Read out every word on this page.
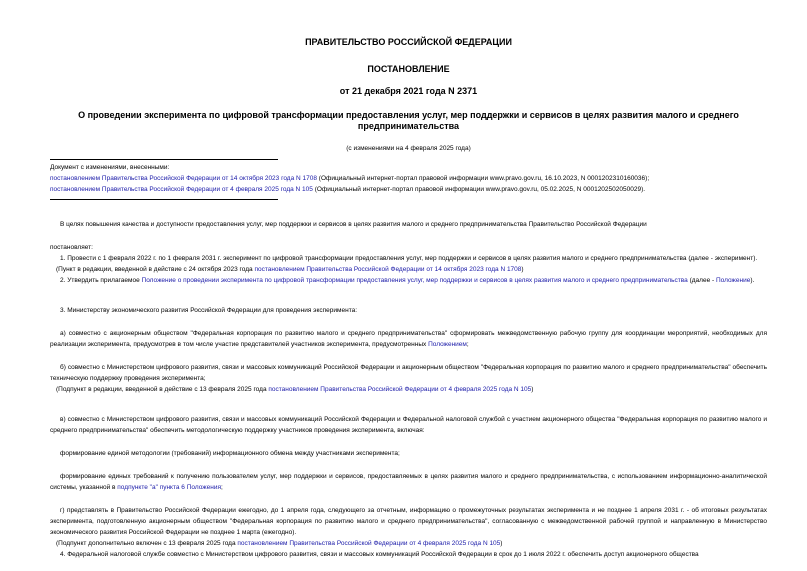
ПРАВИТЕЛЬСТВО РОССИЙСКОЙ ФЕДЕРАЦИИ
ПОСТАНОВЛЕНИЕ
от 21 декабря 2021 года N 2371
О проведении эксперимента по цифровой трансформации предоставления услуг, мер поддержки и сервисов в целях развития малого и среднего предпринимательства
(с изменениями на 4 февраля 2025 года)
Документ с изменениями, внесенными:
постановлением Правительства Российской Федерации от 14 октября 2023 года N 1708 (Официальный интернет-портал правовой информации www.pravo.gov.ru, 16.10.2023, N 0001202310160036);
постановлением Правительства Российской Федерации от 4 февраля 2025 года N 105 (Официальный интернет-портал правовой информации www.pravo.gov.ru, 05.02.2025, N 0001202502050029).

В целях повышения качества и доступности предоставления услуг, мер поддержки и сервисов в целях развития малого и среднего предпринимательства Правительство Российской Федерации

постановляет:

1. Провести с 1 февраля 2022 г. по 1 февраля 2031 г. эксперимент по цифровой трансформации предоставления услуг, мер поддержки и сервисов в целях развития малого и среднего предпринимательства (далее - эксперимент).

(Пункт в редакции, введенной в действие с 24 октября 2023 года постановлением Правительства Российской Федерации от 14 октября 2023 года N 1708)

2. Утвердить прилагаемое Положение о проведении эксперимента по цифровой трансформации предоставления услуг, мер поддержки и сервисов в целях развития малого и среднего предпринимательства (далее - Положение).

3. Министерству экономического развития Российской Федерации для проведения эксперимента:

а) совместно с акционерным обществом "Федеральная корпорация по развитию малого и среднего предпринимательства" сформировать межведомственную рабочую группу для координации мероприятий, необходимых для реализации эксперимента, предусмотрев в том числе участие представителей участников эксперимента, предусмотренных Положением;

б) совместно с Министерством цифрового развития, связи и массовых коммуникаций Российской Федерации и акционерным обществом "Федеральная корпорация по развитию малого и среднего предпринимательства" обеспечить техническую поддержку проведения эксперимента;

(Подпункт в редакции, введенной в действие с 13 февраля 2025 года постановлением Правительства Российской Федерации от 4 февраля 2025 года N 105)

в) совместно с Министерством цифрового развития, связи и массовых коммуникаций Российской Федерации и Федеральной налоговой службой с участием акционерного общества "Федеральная корпорация по развитию малого и среднего предпринимательства" обеспечить методологическую поддержку участников проведения эксперимента, включая:

формирование единой методологии (требований) информационного обмена между участниками эксперимента;

формирование единых требований к получению пользователем услуг, мер поддержки и сервисов, предоставляемых в целях развития малого и среднего предпринимательства, с использованием информационно-аналитической системы, указанной в подпункте "а" пункта 6 Положения;

г) представлять в Правительство Российской Федерации ежегодно, до 1 апреля года, следующего за отчетным, информацию о промежуточных результатах эксперимента и не позднее 1 апреля 2031 г. - об итоговых результатах эксперимента, подготовленную акционерным обществом "Федеральная корпорация по развитию малого и среднего предпринимательства", согласованную с межведомственной рабочей группой и направленную в Министерство экономического развития Российской Федерации не позднее 1 марта (ежегодно).

(Подпункт дополнительно включен с 13 февраля 2025 года постановлением Правительства Российской Федерации от 4 февраля 2025 года N 105)

4. Федеральной налоговой службе совместно с Министерством цифрового развития, связи и массовых коммуникаций Российской Федерации в срок до 1 июля 2022 г. обеспечить доступ акционерного общества
